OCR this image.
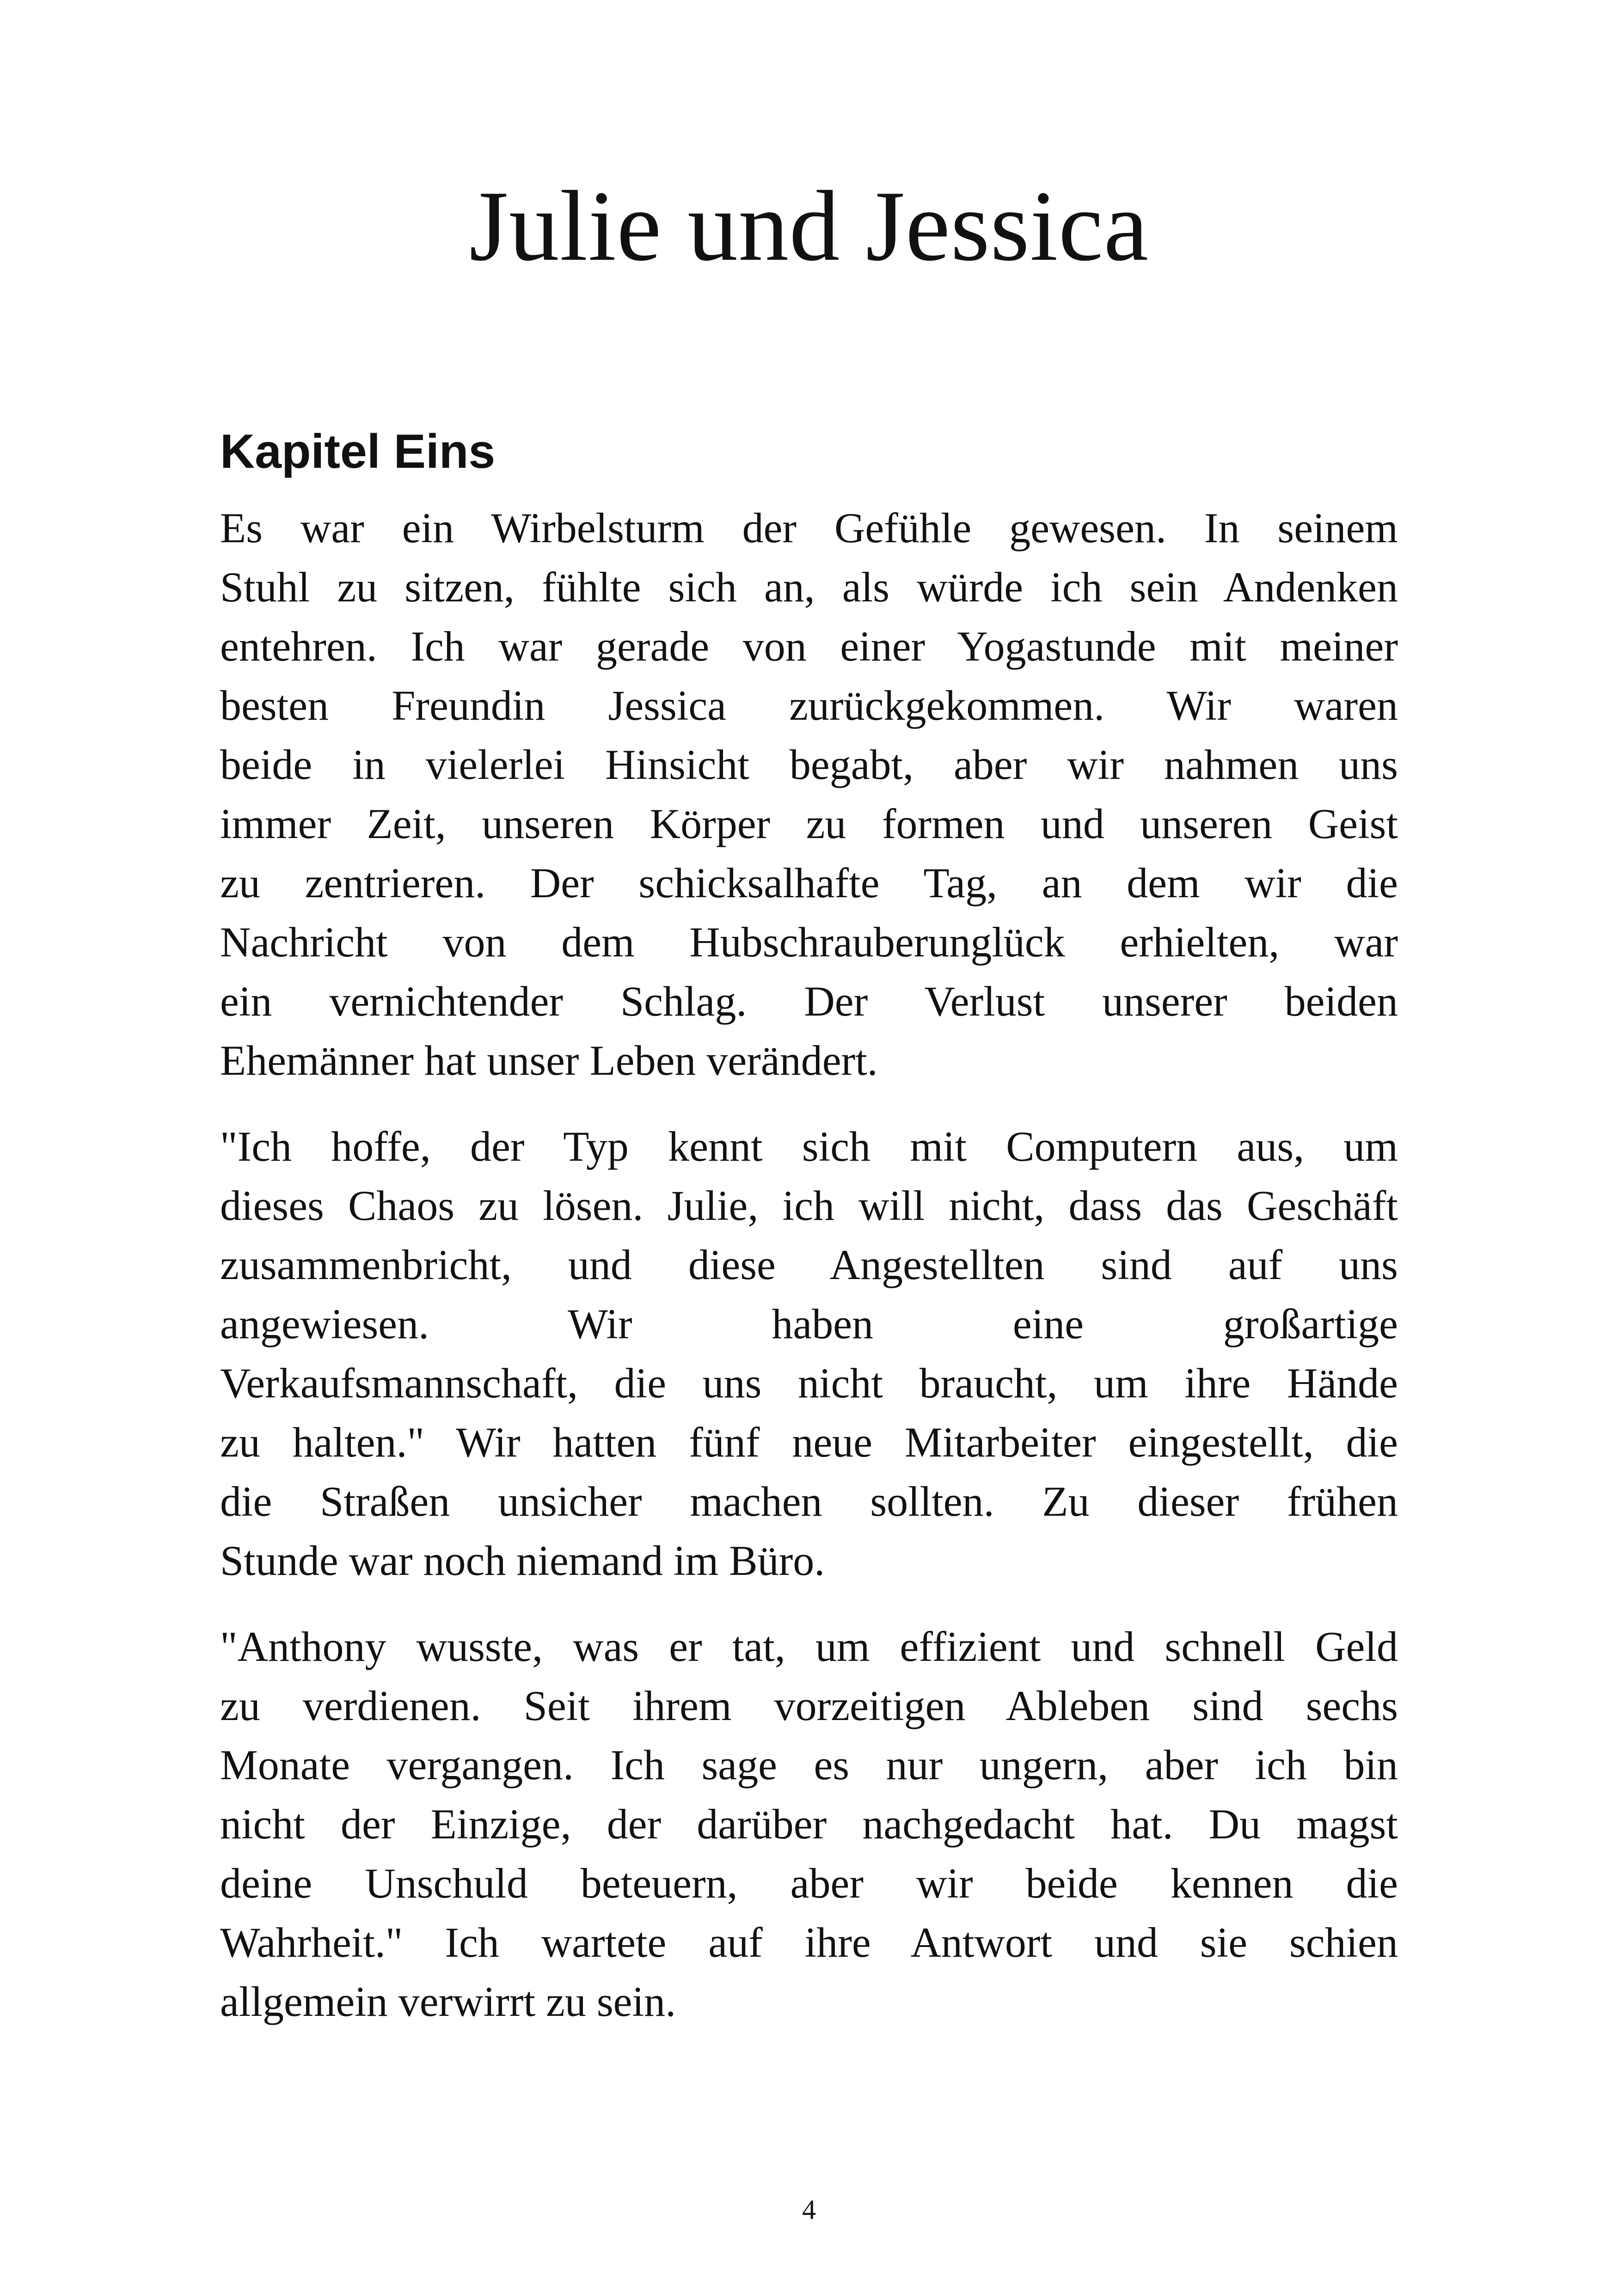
Julie und Jessica
Kapitel Eins

Es war ein Wirbelsturm der Gefühle gewesen. In seinem
Stuhl zu sitzen, fühlte sich an, als würde ich sein Andenken
entehren. Ich war gerade von einer Yogastunde mit meiner
besten Freundin Jessica zurückgekommen. Wir waren
beide in vielerlei Hinsicht begabt, aber wir nahmen uns
immer Zeit, unseren Körper zu formen und unseren Geist
zu zentrieren. Der schicksalhafte Tag, an dem wir die
Nachricht von dem Hubschrauberunglück erhielten, war
ein vernichtender Schlag. Der Verlust unserer beiden
Ehemänner hat unser Leben verändert.

"Ich hoffe, der Typ kennt sich mit Computern aus, um
dieses Chaos zu lösen. Julie, ich will nicht, dass das Geschäft
zusammenbricht, und diese Angestellten sind auf uns
angewiesen. Wir haben eine großartige
Verkaufsmannschaft, die uns nicht braucht, um ihre Hände
zu halten." Wir hatten fünf neue Mitarbeiter eingestellt, die
die Straßen unsicher machen sollten. Zu dieser frühen
Stunde war noch niemand im Büro.

"Anthony wusste, was er tat, um effizient und schnell Geld
zu verdienen. Seit ihrem vorzeitigen Ableben sind sechs
Monate vergangen. Ich sage es nur ungern, aber ich bin
nicht der Einzige, der darüber nachgedacht hat. Du magst
deine Unschuld beteuern, aber wir beide kennen die
Wahrheit." Ich wartete auf ihre Antwort und sie schien
allgemein verwirrt zu sein.

4
